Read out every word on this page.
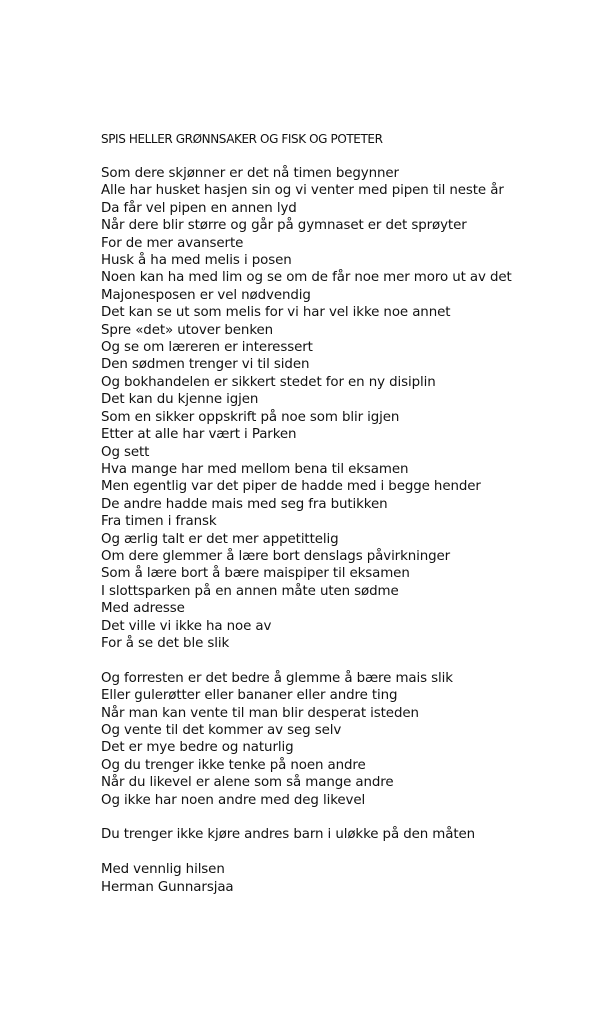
SPIS HELLER GRØNNSAKER OG FISK OG POTETER
Som dere skjønner er det nå timen begynner
Alle har husket hasjen sin og vi venter med pipen til neste år
Da får vel pipen en annen lyd
Når dere blir større og går på gymnaset er det sprøyter
For de mer avanserte
Husk å ha med melis i posen
Noen kan ha med lim og se om de får noe mer moro ut av det
Majonesposen er vel nødvendig
Det kan se ut som melis for vi har vel ikke noe annet
Spre «det» utover benken
Og se om læreren er interessert
Den sødmen trenger vi til siden
Og bokhandelen er sikkert stedet for en ny disiplin
Det kan du kjenne igjen
Som en sikker oppskrift på noe som blir igjen
Etter at alle har vært i Parken
Og sett
Hva mange har med mellom bena til eksamen
Men egentlig var det piper de hadde med i begge hender
De andre hadde mais med seg fra butikken
Fra timen i fransk
Og ærlig talt er det mer appetittelig
Om dere glemmer å lære bort denslags påvirkninger
Som å lære bort å bære maispiper til eksamen
I slottsparken på en annen måte uten sødme
Med adresse
Det ville vi ikke ha noe av
For å se det ble slik
Og forresten er det bedre å glemme å bære mais slik
Eller gulerøtter eller bananer eller andre ting
Når man kan vente til man blir desperat isteden
Og vente til det kommer av seg selv
Det er mye bedre og naturlig
Og du trenger ikke tenke på noen andre
Når du likevel er alene som så mange andre
Og ikke har noen andre med deg likevel
Du trenger ikke kjøre andres barn i uløkke på den måten
Med vennlig hilsen
Herman Gunnarsjaa
